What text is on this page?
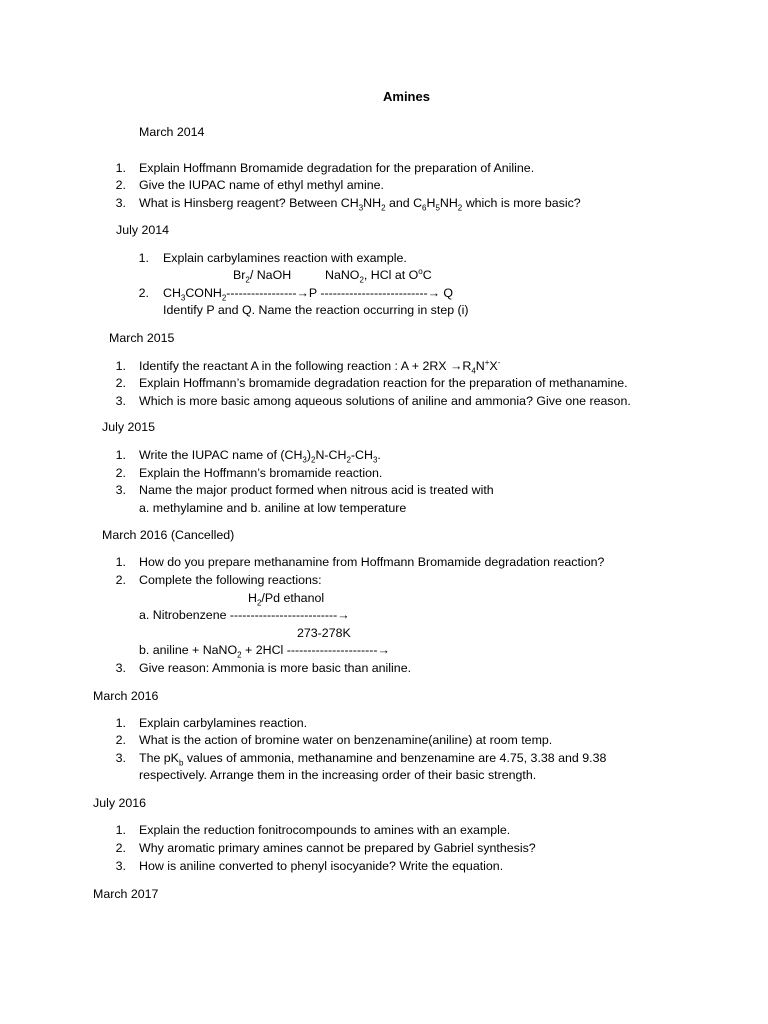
Amines
March 2014
1. Explain Hoffmann Bromamide degradation for the preparation of Aniline.
2. Give the IUPAC name of ethyl methyl amine.
3. What is Hinsberg reagent? Between $CH_3NH_2$ and $C_6H_5NH_2$ which is more basic?
July 2014
1. Explain carbylamines reaction with example.
$Br_2/$ NaOH	NaNO$_2$, HCl at $O^oC$
2. $CH_3CONH_2-----------------\to P$ --------------------------→ Q
Identify P and Q. Name the reaction occurring in step (i)
March 2015
1. Identify the reactant A in the following reaction : $A + 2RX \to R_4N^+X^-$
2. Explain Hoffmann’s bromamide degradation reaction for the preparation of methanamine.
3. Which is more basic among aqueous solutions of aniline and ammonia? Give one reason.
July 2015
1. Write the IUPAC name of $(CH_3)_2N-CH_2-CH_3$.
2. Explain the Hoffmann’s bromamide reaction.
3. Name the major product formed when nitrous acid is treated with
a. methylamine and b. aniline at low temperature
March 2016 (Cancelled)
1. How do you prepare methanamine from Hoffmann Bromamide degradation reaction?
2. Complete the following reactions:
$H_2/Pd$ ethanol
a. Nitrobenzene --------------------------→
273-278K
b. aniline + NaNO$_2$ + 2HCl ----------------------→
3. Give reason: Ammonia is more basic than aniline.
March 2016
1. Explain carbylamines reaction.
2. What is the action of bromine water on benzenamine(aniline) at room temp.
3. The $pK_b$ values of ammonia, methanamine and benzenamine are 4.75, 3.38 and 9.38
respectively. Arrange them in the increasing order of their basic strength.
July 2016
1. Explain the reduction fonitrocompounds to amines with an example.
2. Why aromatic primary amines cannot be prepared by Gabriel synthesis?
3. How is aniline converted to phenyl isocyanide? Write the equation.
March 2017
